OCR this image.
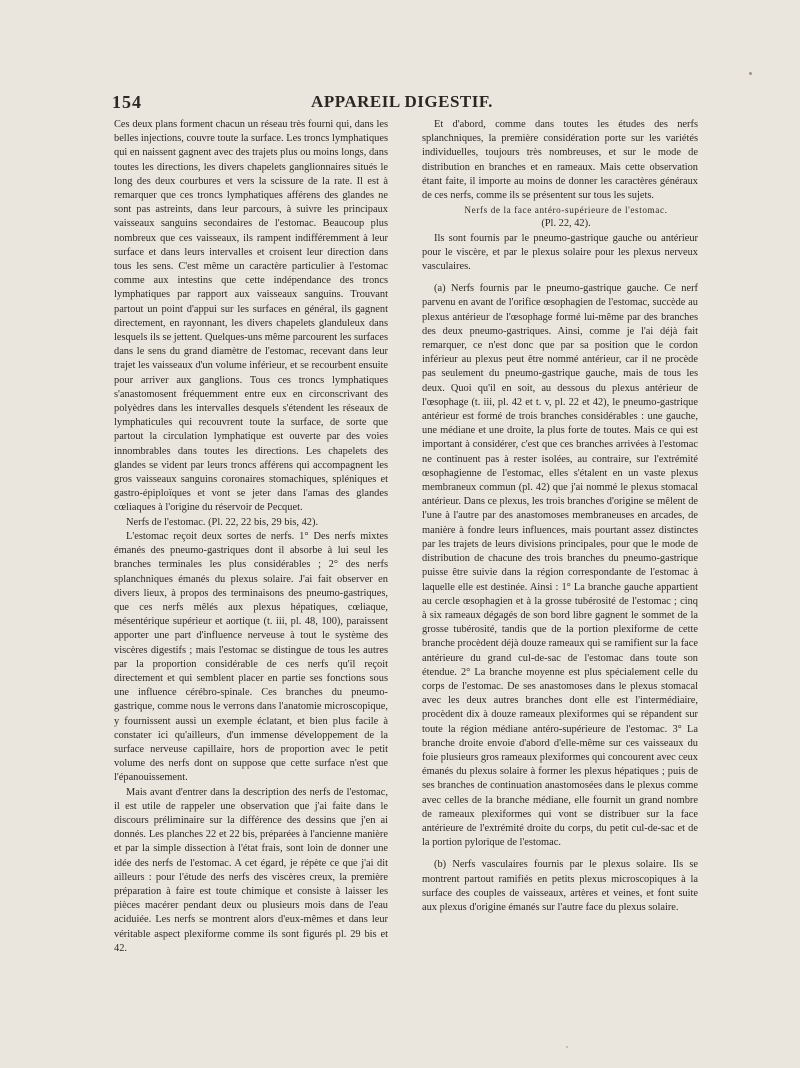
154	APPAREIL DIGESTIF.

Ces deux plans forment chacun un réseau très fourni qui, dans les belles injections, couvre toute la surface. Les troncs lymphatiques qui en naissent gagnent avec des trajets plus ou moins longs, dans toutes les directions, les divers chapelets ganglionnaires situés le long des deux courbures et vers la scissure de la rate. Il est à remarquer que ces troncs lymphatiques afférens des glandes ne sont pas astreints, dans leur parcours, à suivre les principaux vaisseaux sanguins secondaires de l'estomac. Beaucoup plus nombreux que ces vaisseaux, ils rampent indifféremment à leur surface et dans leurs intervalles et croisent leur direction dans tous les sens. C'est même un caractère particulier à l'estomac comme aux intestins que cette indépendance des troncs lymphatiques par rapport aux vaisseaux sanguins. Trouvant partout un point d'appui sur les surfaces en général, ils gagnent directement, en rayonnant, les divers chapelets glanduleux dans lesquels ils se jettent. Quelques-uns même parcourent les surfaces dans le sens du grand diamètre de l'estomac, recevant dans leur trajet les vaisseaux d'un volume inférieur, et se recourbent ensuite pour arriver aux ganglions. Tous ces troncs lymphatiques s'anastomosent fréquemment entre eux en circonscrivant des polyèdres dans les intervalles desquels s'étendent les réseaux de lymphaticules qui recouvrent toute la surface, de sorte que partout la circulation lymphatique est ouverte par des voies innombrables dans toutes les directions. Les chapelets des glandes se vident par leurs troncs afférens qui accompagnent les gros vaisseaux sanguins coronaires stomachiques, spléniques et gastro-épiploïques et vont se jeter dans l'amas des glandes cœliaques à l'origine du réservoir de Pecquet.

Nerfs de l'estomac. (Pl. 22, 22 bis, 29 bis, 42).

L'estomac reçoit deux sortes de nerfs. 1° Des nerfs mixtes émanés des pneumo-gastriques dont il absorbe à lui seul les branches terminales les plus considérables ; 2° des nerfs splanchniques émanés du plexus solaire. J'ai fait observer en divers lieux, à propos des terminaisons des pneumo-gastriques, que ces nerfs mêlés aux plexus hépatiques, cœliaque, mésentérique supérieur et aortique (t. iii, pl. 48, 100), paraissent apporter une part d'influence nerveuse à tout le système des viscères digestifs ; mais l'estomac se distingue de tous les autres par la proportion considérable de ces nerfs qu'il reçoit directement et qui semblent placer en partie ses fonctions sous une influence cérébro-spinale. Ces branches du pneumo-gastrique, comme nous le verrons dans l'anatomie microscopique, y fournissent aussi un exemple éclatant, et bien plus facile à constater ici qu'ailleurs, d'un immense développement de la surface nerveuse capillaire, hors de proportion avec le petit volume des nerfs dont on suppose que cette surface n'est que l'épanouissement.

Mais avant d'entrer dans la description des nerfs de l'estomac, il est utile de rappeler une observation que j'ai faite dans le discours préliminaire sur la différence des dessins que j'en ai donnés. Les planches 22 et 22 bis, préparées à l'ancienne manière et par la simple dissection à l'état frais, sont loin de donner une idée des nerfs de l'estomac. A cet égard, je répète ce que j'ai dit ailleurs : pour l'étude des nerfs des viscères creux, la première préparation à faire est toute chimique et consiste à laisser les pièces macérer pendant deux ou plusieurs mois dans de l'eau aciduiée. Les nerfs se montrent alors d'eux-mêmes et dans leur véritable aspect plexiforme comme ils sont figurés pl. 29 bis et 42.

Et d'abord, comme dans toutes les études des nerfs splanchniques, la première considération porte sur les variétés individuelles, toujours très nombreuses, et sur le mode de distribution en branches et en rameaux. Mais cette observation étant faite, il importe au moins de donner les caractères généraux de ces nerfs, comme ils se présentent sur tous les sujets.

Nerfs de la face antéro-supérieure de l'estomac.

(Pl. 22, 42).

Ils sont fournis par le pneumo-gastrique gauche ou antérieur pour le viscère, et par le plexus solaire pour les plexus nerveux vasculaires.

(a) Nerfs fournis par le pneumo-gastrique gauche. Ce nerf parvenu en avant de l'orifice œsophagien de l'estomac, succède au plexus antérieur de l'œsophage formé lui-même par des branches des deux pneumo-gastriques. Ainsi, comme je l'ai déjà fait remarquer, ce n'est donc que par sa position que le cordon inférieur au plexus peut être nommé antérieur, car il ne procède pas seulement du pneumo-gastrique gauche, mais de tous les deux. Quoi qu'il en soit, au dessous du plexus antérieur de l'œsophage (t. iii, pl. 42 et t. v, pl. 22 et 42), le pneumo-gastrique antérieur est formé de trois branches considérables : une gauche, une médiane et une droite, la plus forte de toutes. Mais ce qui est important à considérer, c'est que ces branches arrivées à l'estomac ne continuent pas à rester isolées, au contraire, sur l'extrémité œsophagienne de l'estomac, elles s'étalent en un vaste plexus membraneux commun (pl. 42) que j'ai nommé le plexus stomacal antérieur. Dans ce plexus, les trois branches d'origine se mêlent de l'une à l'autre par des anastomoses membraneuses en arcades, de manière à fondre leurs influences, mais pourtant assez distinctes par les trajets de leurs divisions principales, pour que le mode de distribution de chacune des trois branches du pneumo-gastrique puisse être suivie dans la région correspondante de l'estomac à laquelle elle est destinée. Ainsi : 1° La branche gauche appartient au cercle œsophagien et à la grosse tubérosité de l'estomac ; cinq à six rameaux dégagés de son bord libre gagnent le sommet de la grosse tubérosité, tandis que de la portion plexiforme de cette branche procèdent déjà douze rameaux qui se ramifient sur la face antérieure du grand cul-de-sac de l'estomac dans toute son étendue. 2° La branche moyenne est plus spécialement celle du corps de l'estomac. De ses anastomoses dans le plexus stomacal avec les deux autres branches dont elle est l'intermédiaire, procèdent dix à douze rameaux plexiformes qui se répandent sur toute la région médiane antéro-supérieure de l'estomac. 3° La branche droite envoie d'abord d'elle-même sur ces vaisseaux du foie plusieurs gros rameaux plexiformes qui concourent avec ceux émanés du plexus solaire à former les plexus hépatiques ; puis de ses branches de continuation anastomosées dans le plexus comme avec celles de la branche médiane, elle fournit un grand nombre de rameaux plexiformes qui vont se distribuer sur la face antérieure de l'extrémité droite du corps, du petit cul-de-sac et de la portion pylorique de l'estomac.

(b) Nerfs vasculaires fournis par le plexus solaire. Ils se montrent partout ramifiés en petits plexus microscopiques à la surface des couples de vaisseaux, artères et veines, et font suite aux plexus d'origine émanés sur l'autre face du plexus solaire.
